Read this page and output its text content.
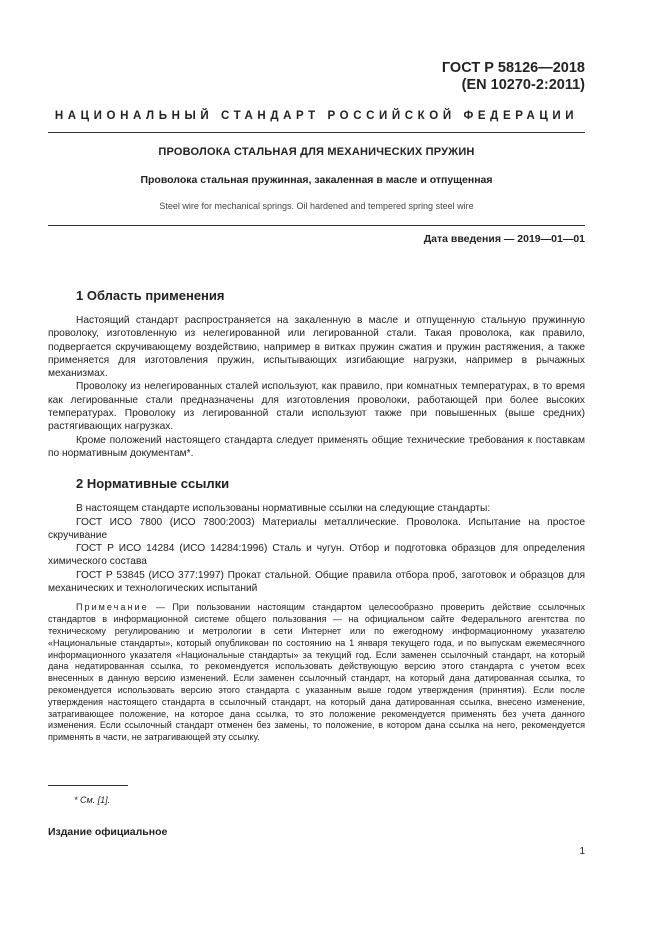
ГОСТ Р 58126—2018
(EN 10270-2:2011)
НАЦИОНАЛЬНЫЙ СТАНДАРТ РОССИЙСКОЙ ФЕДЕРАЦИИ
ПРОВОЛОКА СТАЛЬНАЯ ДЛЯ МЕХАНИЧЕСКИХ ПРУЖИН
Проволока стальная пружинная, закаленная в масле и отпущенная
Steel wire for mechanical springs. Oil hardened and tempered spring steel wire
Дата введения — 2019—01—01
1 Область применения

Настоящий стандарт распространяется на закаленную в масле и отпущенную стальную пружинную проволоку, изготовленную из нелегированной или легированной стали. Такая проволока, как правило, подвергается скручивающему воздействию, например в витках пружин сжатия и пружин растяжения, а также применяется для изготовления пружин, испытывающих изгибающие нагрузки, например в рычажных механизмах.

Проволоку из нелегированных сталей используют, как правило, при комнатных температурах, в то время как легированные стали предназначены для изготовления проволоки, работающей при более высоких температурах. Проволоку из легированной стали используют также при повышенных (выше средних) растягивающих нагрузках.

Кроме положений настоящего стандарта следует применять общие технические требования к поставкам по нормативным документам*.

2 Нормативные ссылки

В настоящем стандарте использованы нормативные ссылки на следующие стандарты:

ГОСТ ИСО 7800 (ИСО 7800:2003) Материалы металлические. Проволока. Испытание на простое скручивание

ГОСТ Р ИСО 14284 (ИСО 14284:1996) Сталь и чугун. Отбор и подготовка образцов для определения химического состава

ГОСТ Р 53845 (ИСО 377:1997) Прокат стальной. Общие правила отбора проб, заготовок и образцов для механических и технологических испытаний

Примечание — При пользовании настоящим стандартом целесообразно проверить действие ссылочных стандартов в информационной системе общего пользования — на официальном сайте Федерального агентства по техническому регулированию и метрологии в сети Интернет или по ежегодному информационному указателю «Национальные стандарты», который опубликован по состоянию на 1 января текущего года, и по выпускам ежемесячного информационного указателя «Национальные стандарты» за текущий год. Если заменен ссылочный стандарт, на который дана недатированная ссылка, то рекомендуется использовать действующую версию этого стандарта с учетом всех внесенных в данную версию изменений. Если заменен ссылочный стандарт, на который дана датированная ссылка, то рекомендуется использовать версию этого стандарта с указанным выше годом утверждения (принятия). Если после утверждения настоящего стандарта в ссылочный стандарт, на который дана датированная ссылка, внесено изменение, затрагивающее положение, на которое дана ссылка, то это положение рекомендуется применять без учета данного изменения. Если ссылочный стандарт отменен без замены, то положение, в котором дана ссылка на него, рекомендуется применять в части, не затрагивающей эту ссылку.

* См. [1].
Издание официальное
1
